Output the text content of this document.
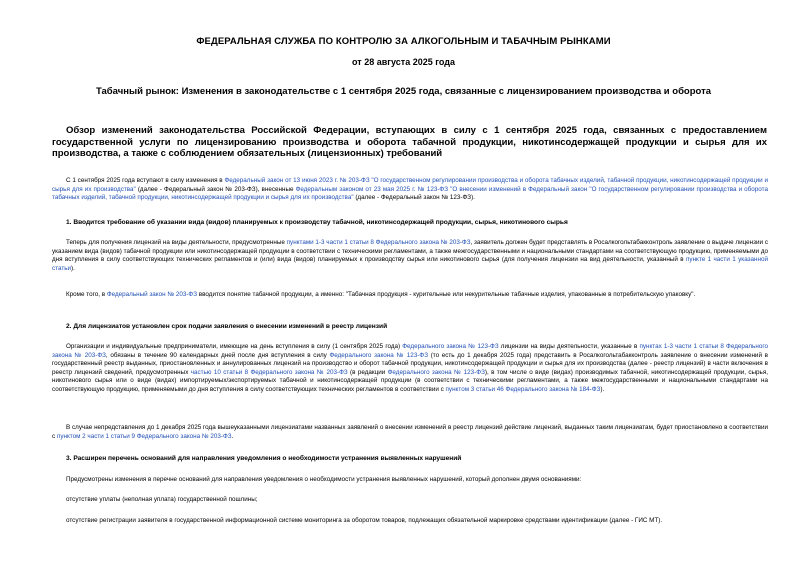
ФЕДЕРАЛЬНАЯ СЛУЖБА ПО КОНТРОЛЮ ЗА АЛКОГОЛЬНЫМ И ТАБАЧНЫМ РЫНКАМИ
от 28 августа 2025 года
Табачный рынок: Изменения в законодательстве с 1 сентября 2025 года, связанные с лицензированием производства и оборота
Обзор изменений законодательства Российской Федерации, вступающих в силу с 1 сентября 2025 года, связанных с предоставлением государственной услуги по лицензированию производства и оборота табачной продукции, никотинсодержащей продукции и сырья для их производства, а также с соблюдением обязательных (лицензионных) требований
С 1 сентября 2025 года вступают в силу изменения в Федеральный закон от 13 июня 2023 г. № 203-ФЗ "О государственном регулировании производства и оборота табачных изделий, табачной продукции, никотинсодержащей продукции и сырья для их производства" (далее - Федеральный закон № 203-ФЗ), внесенные Федеральным законом от 23 мая 2025 г. № 123-ФЗ "О внесении изменений в Федеральный закон "О государственном регулировании производства и оборота табачных изделий, табачной продукции, никотинсодержащей продукции и сырья для их производства" (далее - Федеральный закон № 123-ФЗ).
1. Вводится требование об указании вида (видов) планируемых к производству табачной, никотинсодержащей продукции, сырья, никотинового сырья
Теперь для получения лицензий на виды деятельности, предусмотренные пунктами 1-3 части 1 статьи 8 Федерального закона № 203-ФЗ, заявитель должен будет представлять в Росалкогольтабакконтроль заявление о выдаче лицензии с указанием вида (видов) табачной продукции или никотинсодержащей продукции в соответствии с техническими регламентами, а также межгосударственными и национальными стандартами на соответствующую продукцию, применяемыми до дня вступления в силу соответствующих технических регламентов и (или) вида (видов) планируемых к производству сырья или никотинового сырья (для получения лицензии на вид деятельности, указанный в пункте 1 части 1 указанной статьи).
Кроме того, в Федеральный закон № 203-ФЗ вводится понятие табачной продукции, а именно: "Табачная продукция - курительные или некурительные табачные изделия, упакованные в потребительскую упаковку".
2. Для лицензиатов установлен срок подачи заявления о внесении изменений в реестр лицензий
Организации и индивидуальные предприниматели, имеющие на день вступления в силу (1 сентября 2025 года) Федерального закона № 123-ФЗ лицензии на виды деятельности, указанные в пунктах 1-3 части 1 статьи 8 Федерального закона № 203-ФЗ, обязаны в течение 90 календарных дней после дня вступления в силу Федерального закона № 123-ФЗ (то есть до 1 декабря 2025 года) представить в Росалкогольтабакконтроль заявление о внесении изменений в государственный реестр выданных, приостановленных и аннулированных лицензий на производство и оборот табачной продукции, никотинсодержащей продукции и сырья для их производства (далее - реестр лицензий) в части включения в реестр лицензий сведений, предусмотренных частью 10 статьи 8 Федерального закона № 203-ФЗ (в редакции Федерального закона № 123-ФЗ), в том числе о виде (видах) производимых табачной, никотинсодержащей продукции, сырья, никотинового сырья или о виде (видах) импортируемых/экспортируемых табачной и никотинсодержащей продукции (в соответствии с техническими регламентами, а также межгосударственными и национальными стандартами на соответствующую продукцию, применяемыми до дня вступления в силу соответствующих технических регламентов в соответствии с пунктом 3 статьи 46 Федерального закона № 184-ФЗ).
В случае непредставления до 1 декабря 2025 года вышеуказанными лицензиатами названных заявлений о внесении изменений в реестр лицензий действие лицензий, выданных таким лицензиатам, будет приостановлено в соответствии с пунктом 2 части 1 статьи 9 Федерального закона № 203-ФЗ.
3. Расширен перечень оснований для направления уведомления о необходимости устранения выявленных нарушений
Предусмотрены изменения в перечне оснований для направления уведомления о необходимости устранения выявленных нарушений, который дополнен двумя основаниями:
отсутствие уплаты (неполная уплата) государственной пошлины;
отсутствие регистрации заявителя в государственной информационной системе мониторинга за оборотом товаров, подлежащих обязательной маркировке средствами идентификации (далее - ГИС МТ).
